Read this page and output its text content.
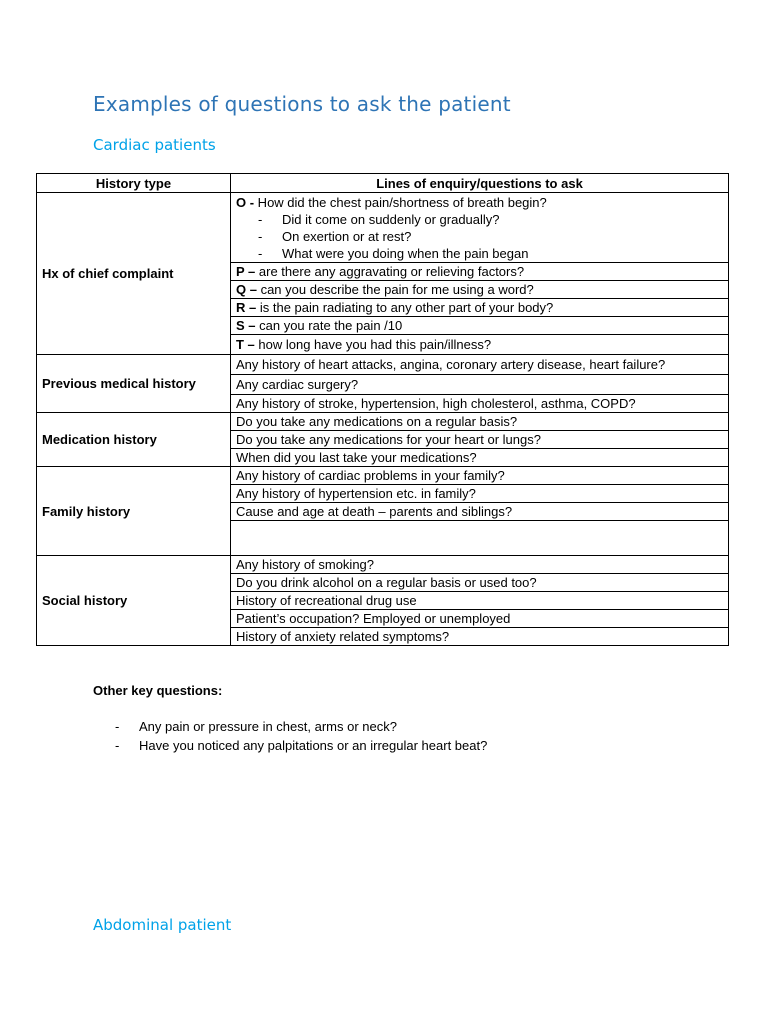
Examples of questions to ask the patient
Cardiac patients
History type	Lines of enquiry/questions to ask
Hx of chief complaint	O - How did the chest pain/shortness of breath begin?
- Did it come on suddenly or gradually?
- On exertion or at rest?
- What were you doing when the pain began

	P – are there any aggravating or relieving factors?
	Q – can you describe the pain for me using a word?
	R – is the pain radiating to any other part of your body?
	S – can you rate the pain /10
	T – how long have you had this pain/illness?
Previous medical history	Any history of heart attacks, angina, coronary artery disease, heart failure?
	Any cardiac surgery?
	Any history of stroke, hypertension, high cholesterol, asthma, COPD?
Medication history	Do you take any medications on a regular basis?
	Do you take any medications for your heart or lungs?
	When did you last take your medications?
Family history	Any history of cardiac problems in your family?
	Any history of hypertension etc. in family?
	Cause and age at death – parents and siblings?

Social history	Any history of smoking?
	Do you drink alcohol on a regular basis or used too?
	History of recreational drug use
	Patient’s occupation? Employed or unemployed
	History of anxiety related symptoms?

Other key questions:

- Any pain or pressure in chest, arms or neck?
- Have you noticed any palpitations or an irregular heart beat?
Abdominal patient
